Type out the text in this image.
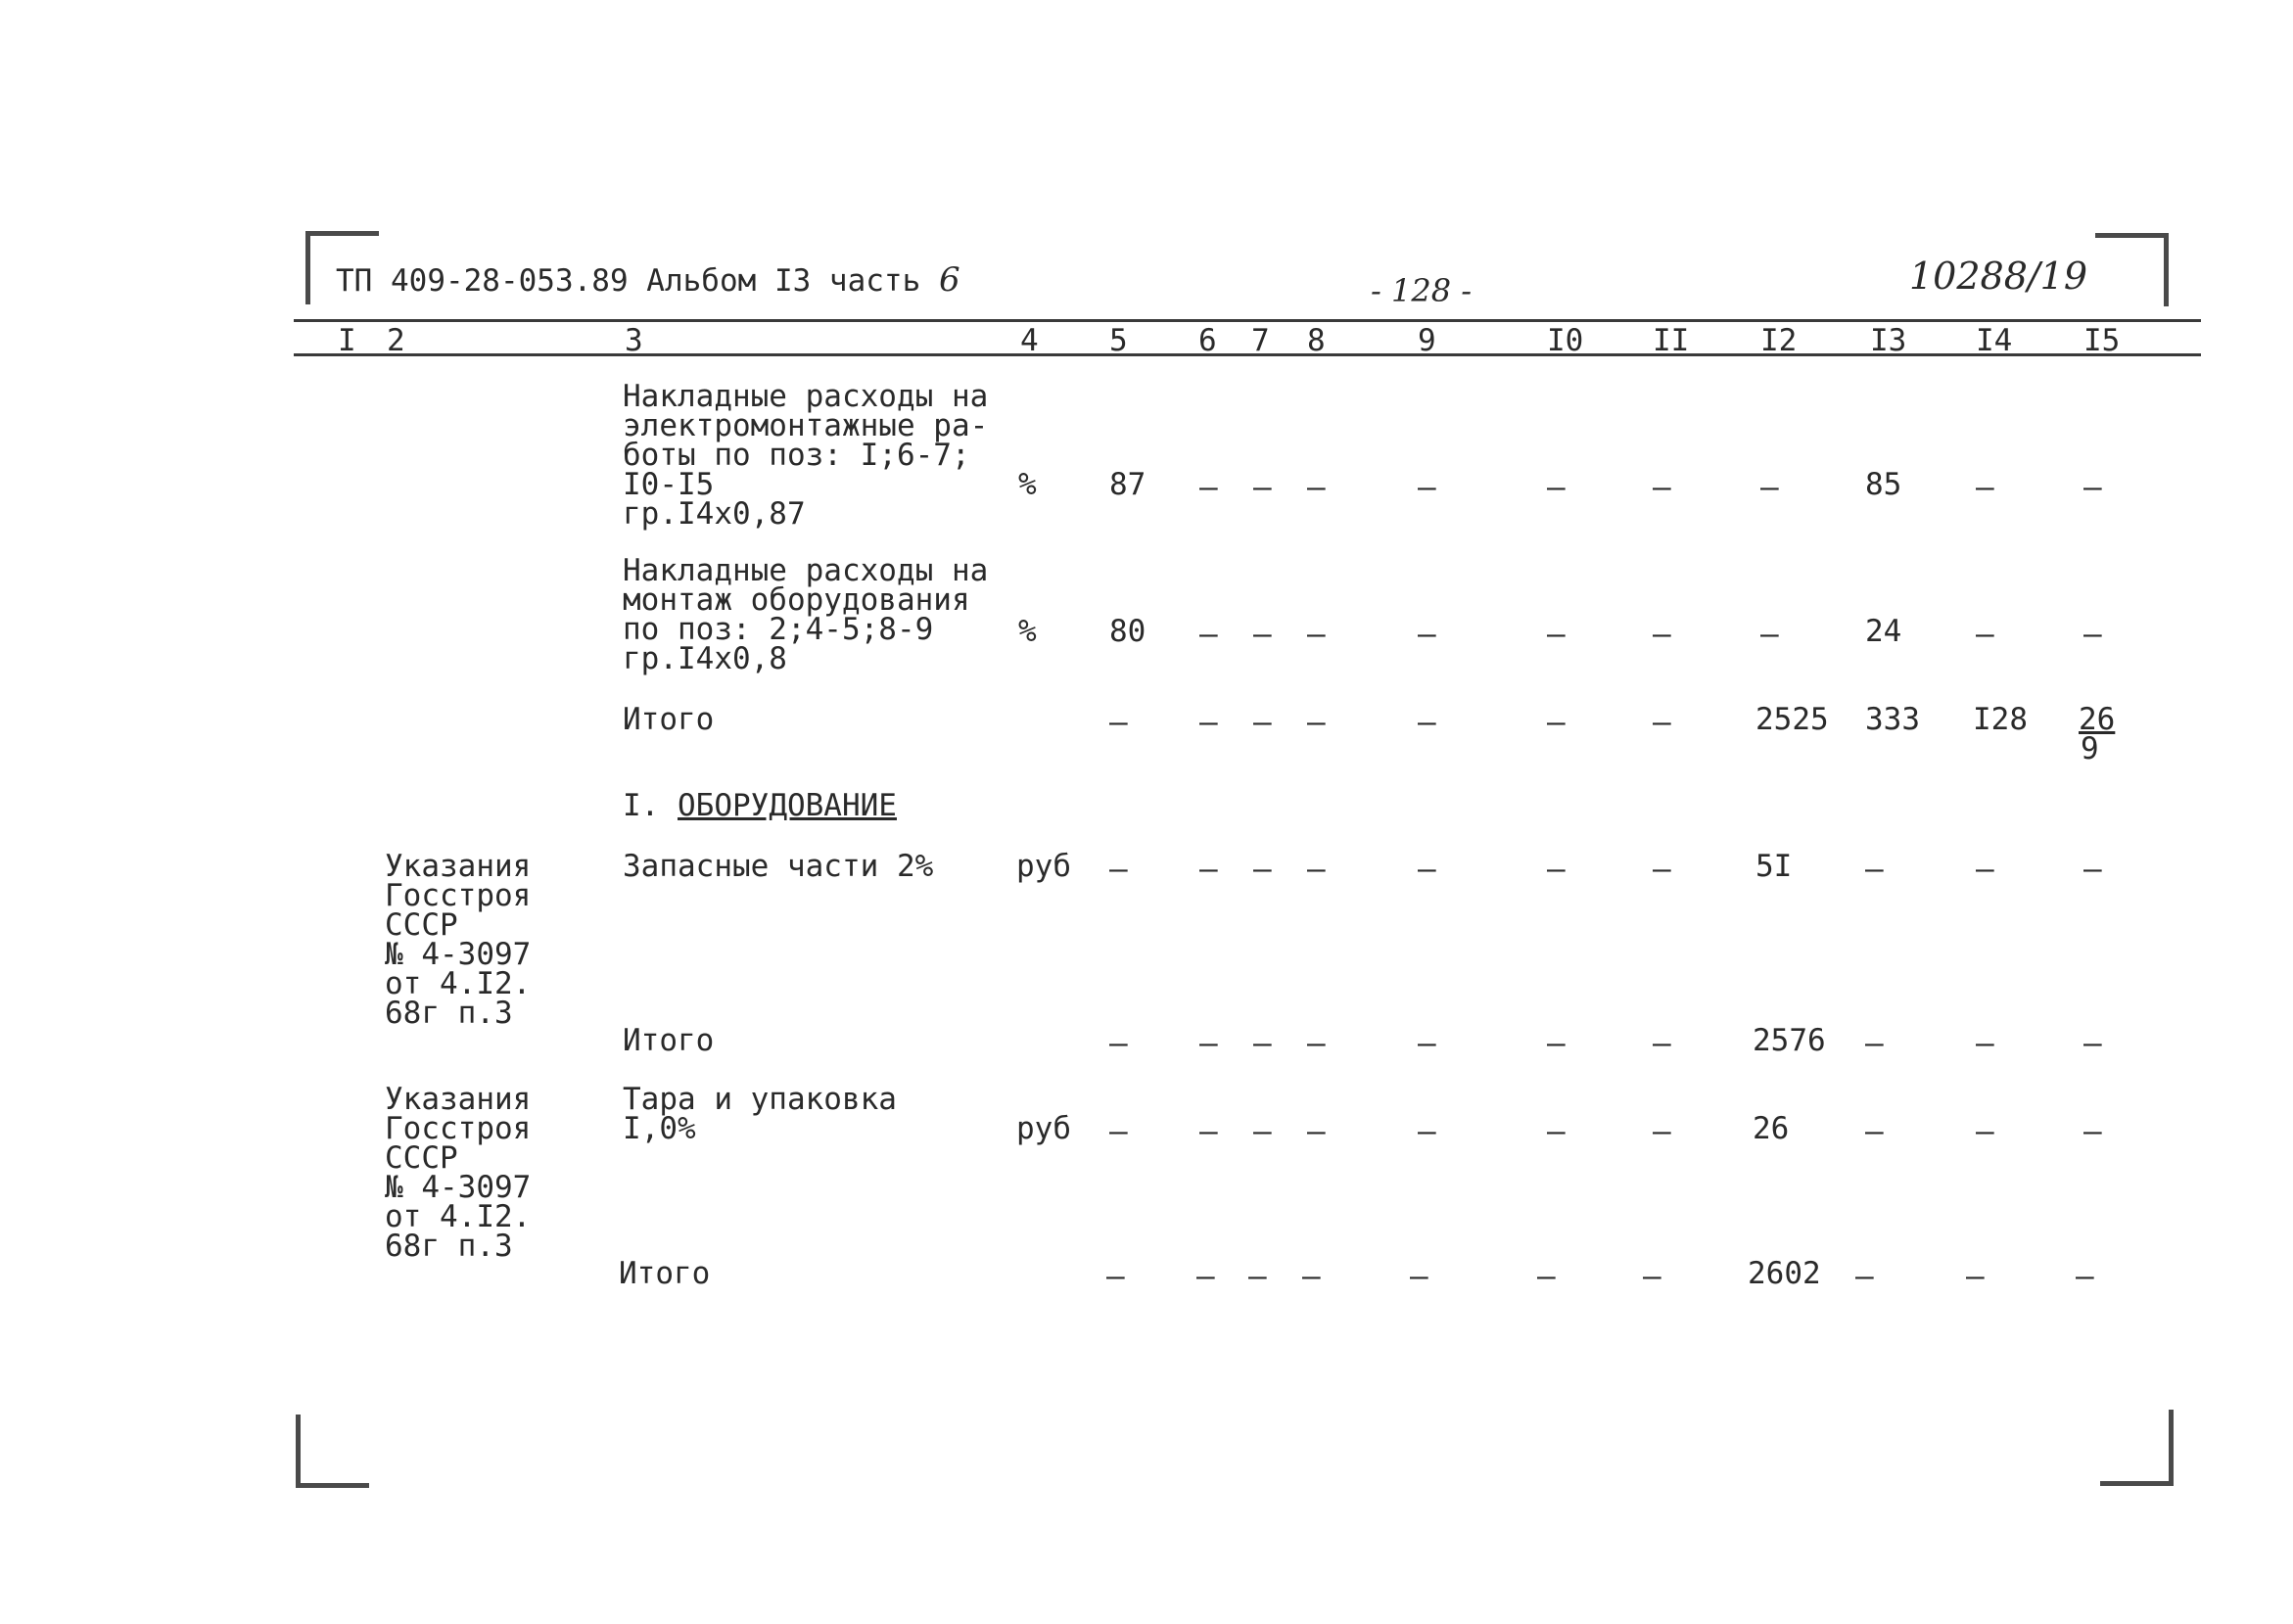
ТП 409-28-053.89 Альбом I3 часть 6	- 128 -	10288/19
I 2	3	4 5 6 7 8	9	I0 II I2 I3 I4 I5
Накладные расходы на
электромонтажные ра-
боты по поз: I;6-7;
I0-I5
гр.I4х0,87
% 87 – – –	–	–	–	–	85 –	–
Накладные расходы на
монтаж оборудования
по поз: 2;4-5;8-9
гр.I4х0,8
% 80 – – –	–	–	–	–	24 –	–
Итого	– – – –	–	–	–	2525 333 I28 26
9
I. ОБОРУДОВАНИЕ
Указания
Госстроя
СССР
№ 4-3097
от 4.I2.
68г п.3
Запасные части 2%	руб – – – –	–	–	–	5I –	–	–
Итого	– – – –	–	–	–	2576 –	–	–
Указания
Госстроя
СССР
№ 4-3097
от 4.I2.
68г п.3
Тара и упаковка
I,0%	руб – – – –	–	–	–	26	–	–	–
Итого	– – – –	–	–	–	2602 –	–	–
